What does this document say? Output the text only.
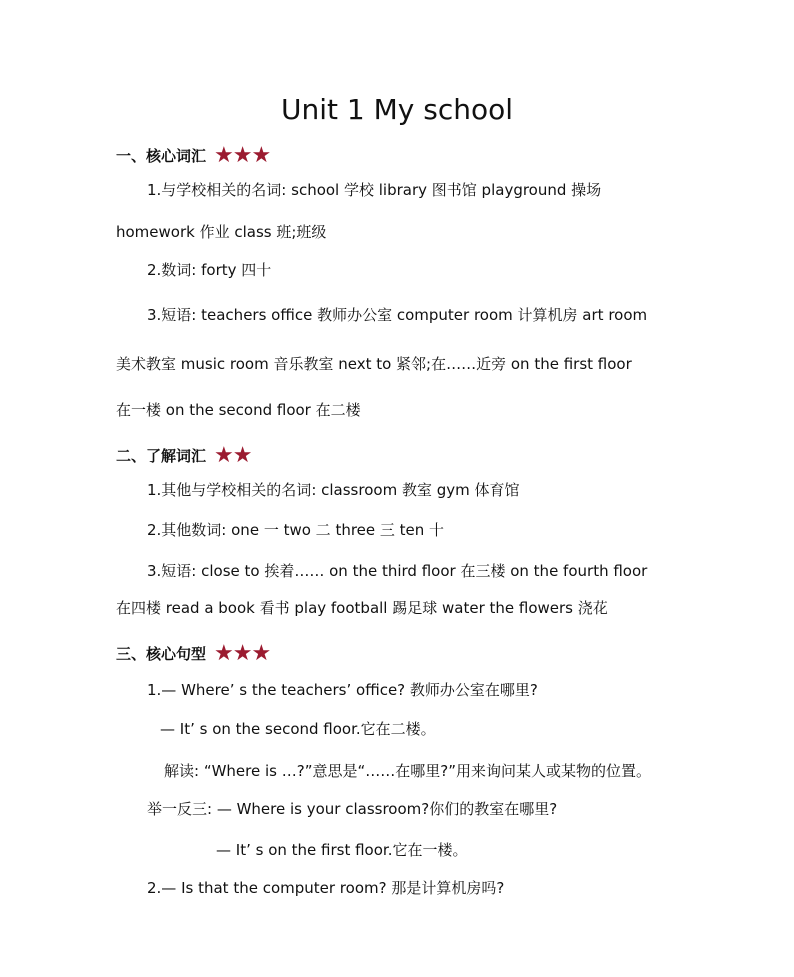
Unit 1 My school
一、核心词汇 ★★★
1.与学校相关的名词: school 学校 library 图书馆 playground 操场
homework 作业 class 班;班级
2.数词: forty 四十
3.短语: teachers office 教师办公室 computer room 计算机房 art room
美术教室 music room 音乐教室 next to 紧邻;在……近旁 on the first floor
在一楼 on the second floor 在二楼
二、了解词汇 ★★
1.其他与学校相关的名词: classroom 教室 gym 体育馆
2.其他数词: one 一 two 二 three 三 ten 十
3.短语: close to 挨着…… on the third floor 在三楼 on the fourth floor
在四楼 read a book 看书 play football 踢足球 water the flowers 浇花
三、核心句型 ★★★
1.— Where’ s the teachers’ office? 教师办公室在哪里?
— It’ s on the second floor.它在二楼。
解读: “Where is …?”意思是“……在哪里?”用来询问某人或某物的位置。
举一反三: — Where is your classroom?你们的教室在哪里?
— It’ s on the first floor.它在一楼。
2.— Is that the computer room? 那是计算机房吗?
